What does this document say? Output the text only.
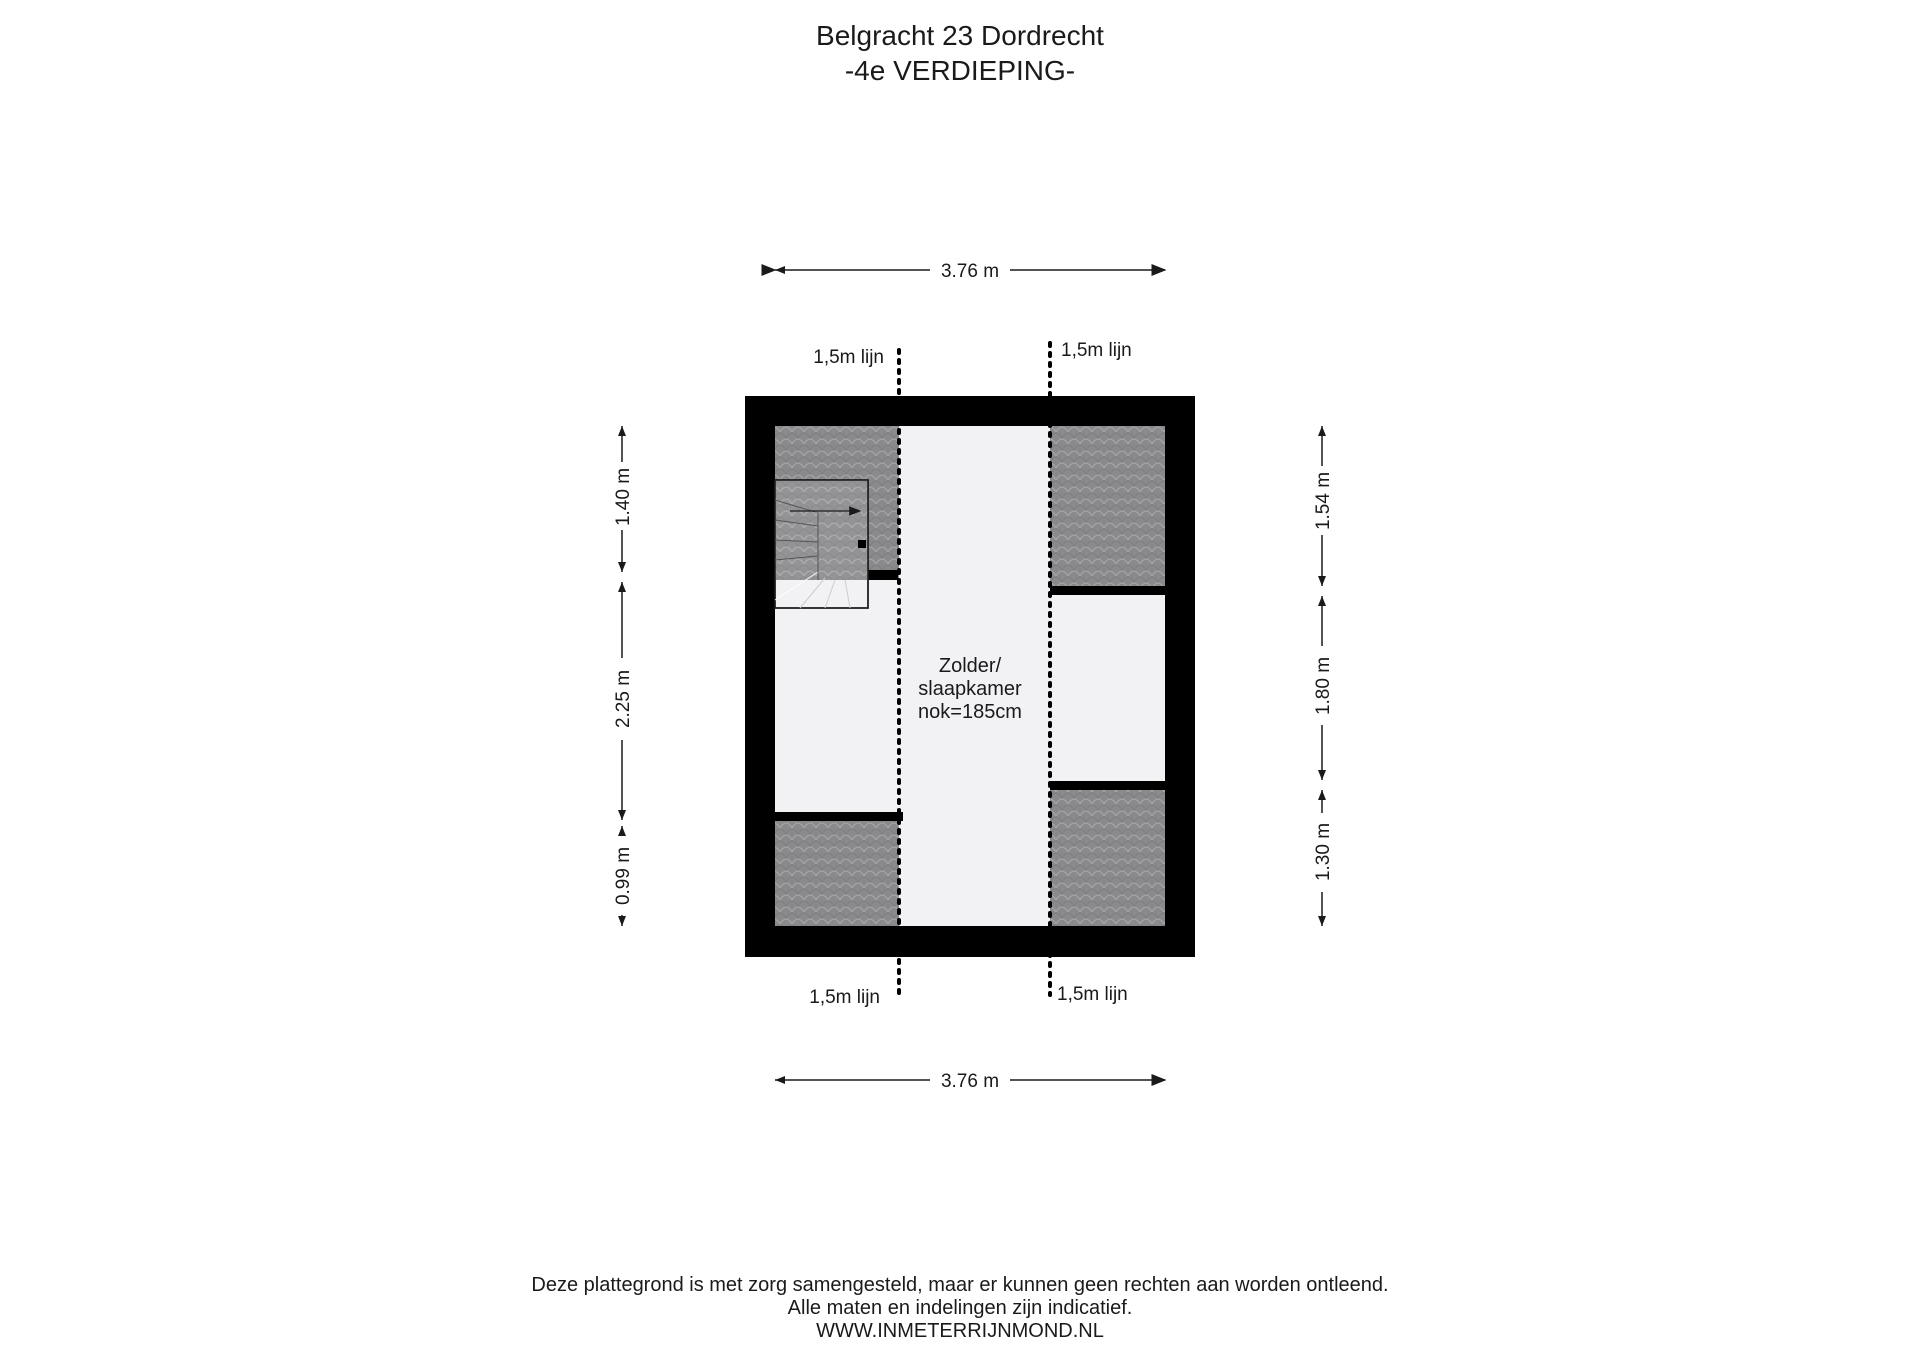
Belgracht 23 Dordrecht
-4e VERDIEPING-
Zolder/
slaapkamer
nok=185cm
1,5m lijn	1,5m lijn
1,5m lijn	1,5m lijn
3.76 m
3.76 m
1.40 m
2.25 m
0.99 m
1.54 m
1.80 m
1.30 m
Deze plattegrond is met zorg samengesteld, maar er kunnen geen rechten aan worden ontleend.
Alle maten en indelingen zijn indicatief.
WWW.INMETERRIJNMOND.NL
